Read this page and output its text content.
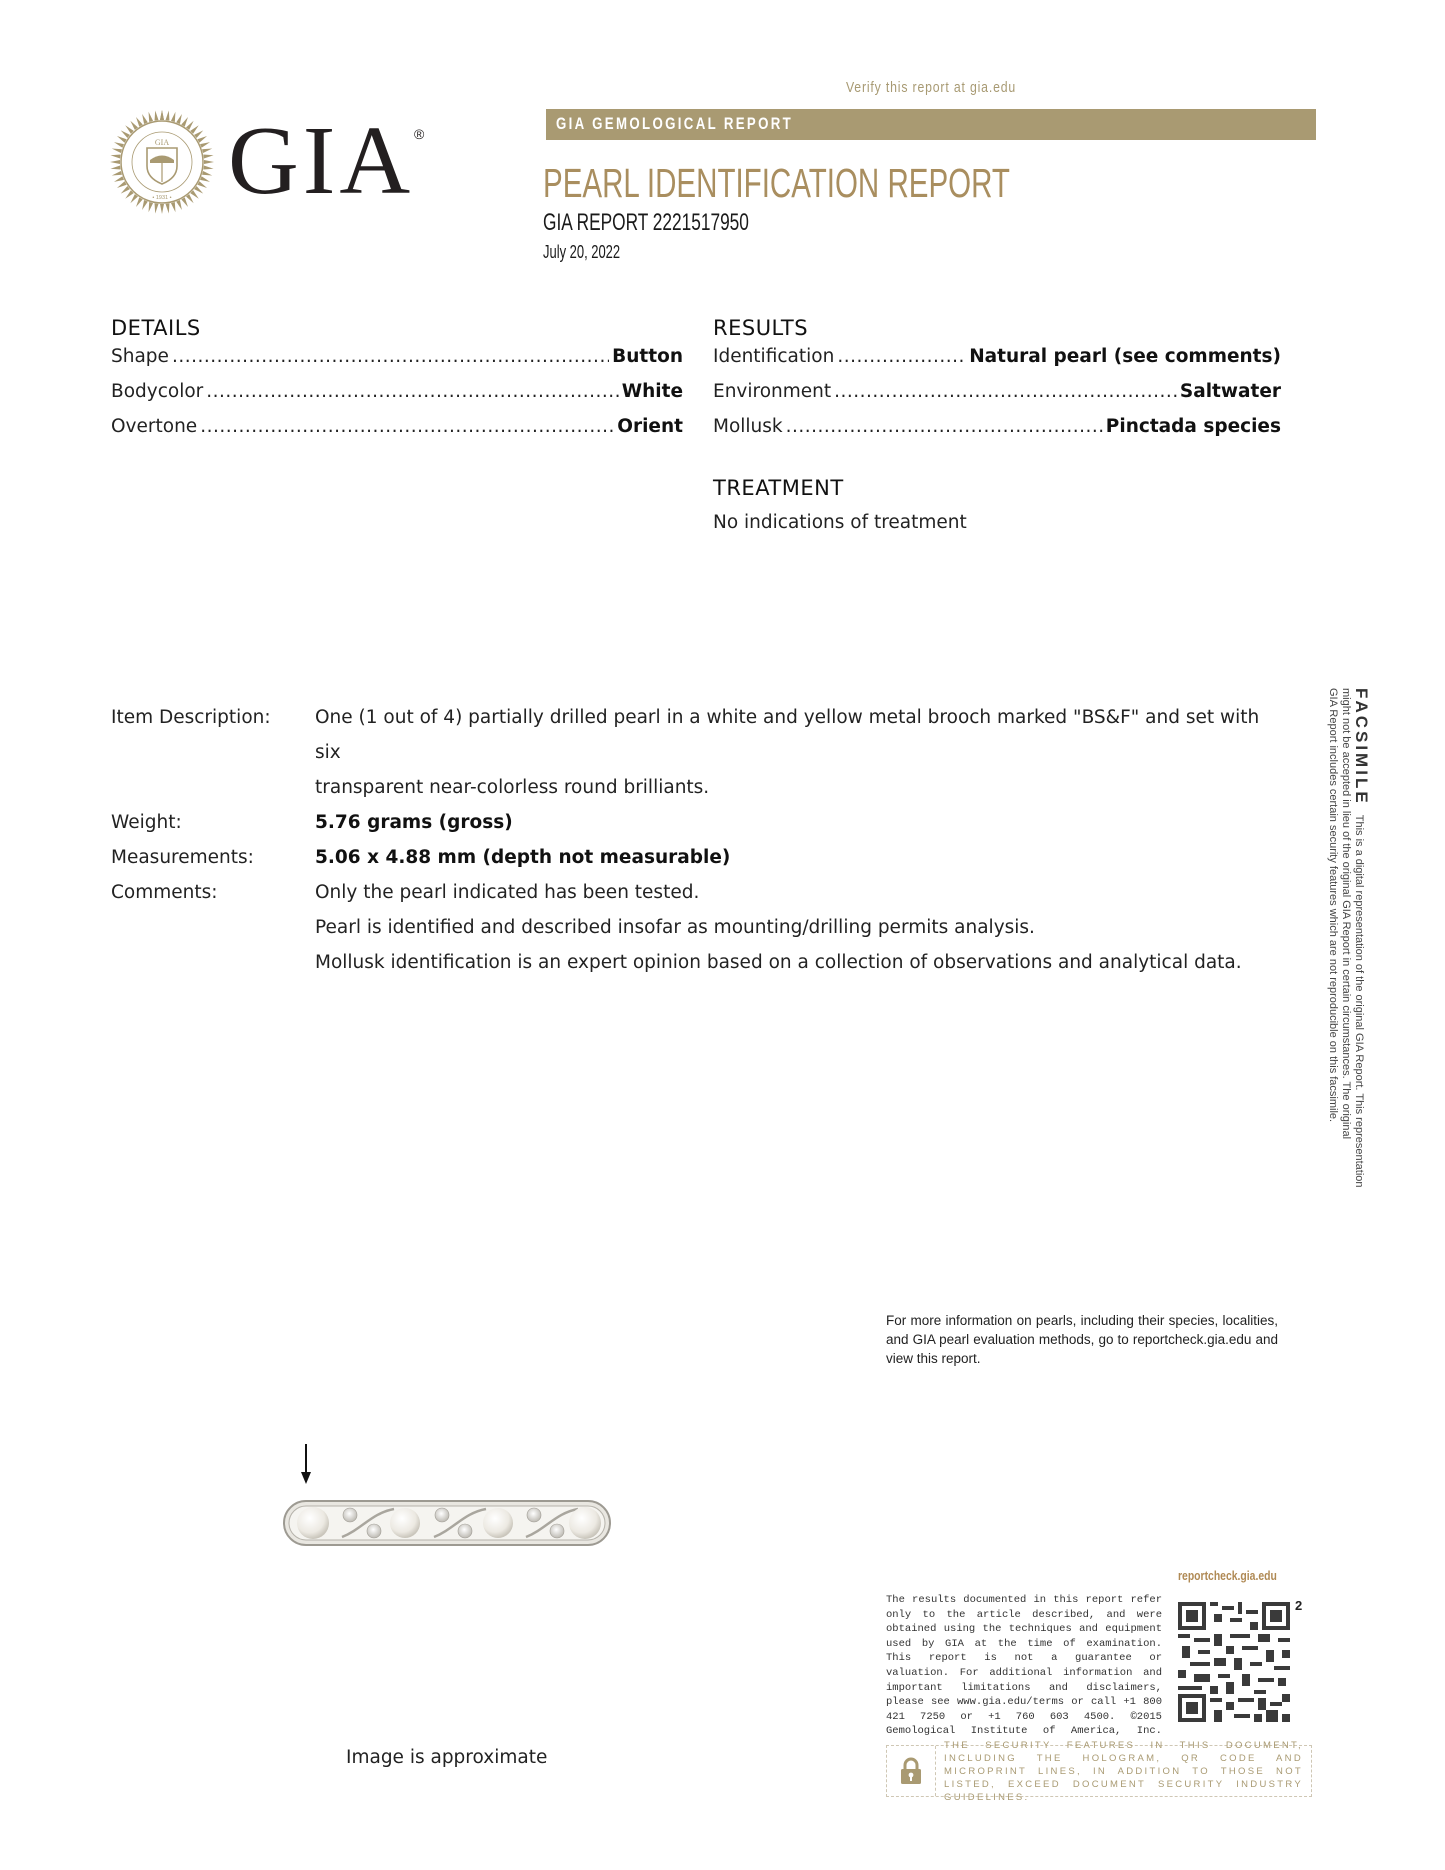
GIA
• 1931 • GIA ®
Verify this report at gia.edu
GIA GEMOLOGICAL REPORT
PEARL IDENTIFICATION REPORT
GIA REPORT 2221517950
July 20, 2022
DETAILS
Shape .....	Button
Bodycolor .....	White
Overtone .....	Orient
RESULTS
Identification .....	Natural pearl (see comments)
Environment .....	Saltwater
Mollusk .....	Pinctada species
TREATMENT
No indications of treatment
Item Description:	One (1 out of 4) partially drilled pearl in a white and yellow metal brooch marked "BS&F" and set with six
transparent near-colorless round brilliants.
Weight:	5.76 grams (gross)
Measurements:	5.06 x 4.88 mm (depth not measurable)
Comments:	Only the pearl indicated has been tested.
Pearl is identified and described insofar as mounting/drilling permits analysis.
Mollusk identification is an expert opinion based on a collection of observations and analytical data.
FACSIMILE This is a digital representation of the original GIA Report. This representation
might not be accepted in lieu of the original GIA Report in certain circumstances. The original
GIA Report includes certain security features which are not reproducible on this facsimile.
For more information on pearls, including their species, localities, and GIA pearl evaluation methods, go to reportcheck.gia.edu and view this report.
Image is approximate
reportcheck.gia.edu
The results documented in this report refer only to the article described, and were obtained using the techniques and equipment used by GIA at the time of examination. This report is not a guarantee or valuation. For additional information and important limitations and disclaimers, please see www.gia.edu/terms or call +1 800 421 7250 or +1 760 603 4500. ©2015 Gemological Institute of America, Inc.
2
THE SECURITY FEATURES IN THIS DOCUMENT, INCLUDING THE HOLOGRAM, QR CODE AND MICROPRINT LINES, IN ADDITION TO THOSE NOT LISTED, EXCEED DOCUMENT SECURITY INDUSTRY GUIDELINES.
